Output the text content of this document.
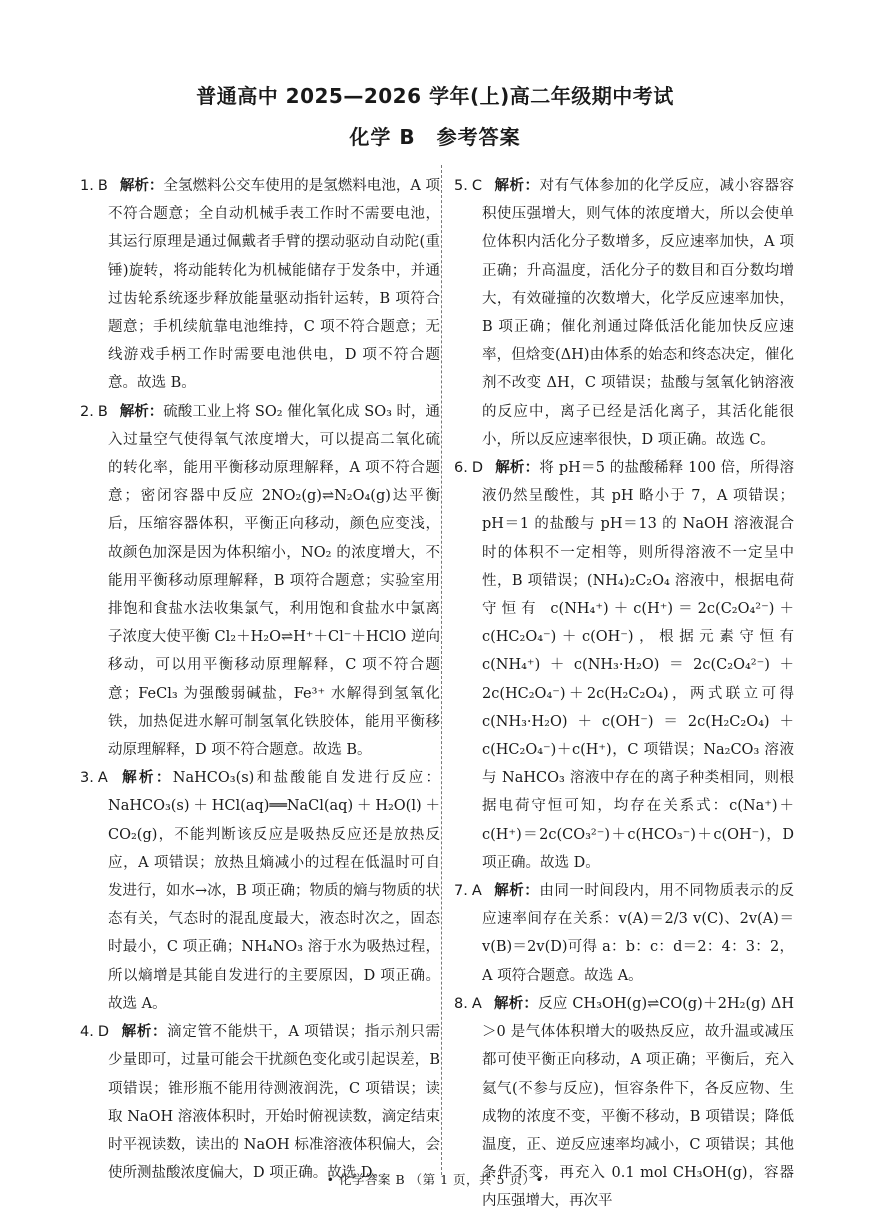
普通高中 2025—2026 学年(上)高二年级期中考试
化学 B　参考答案

1. B 解析：全氢燃料公交车使用的是氢燃料电池，A 项不符合题意；全自动机械手表工作时不需要电池，其运行原理是通过佩戴者手臂的摆动驱动自动陀(重锤)旋转，将动能转化为机械能储存于发条中，并通过齿轮系统逐步释放能量驱动指针运转，B 项符合题意；手机续航靠电池维持，C 项不符合题意；无线游戏手柄工作时需要电池供电，D 项不符合题意。故选 B。

2. B 解析：硫酸工业上将 SO₂ 催化氧化成 SO₃ 时，通入过量空气使得氧气浓度增大，可以提高二氧化硫的转化率，能用平衡移动原理解释，A 项不符合题意；密闭容器中反应 2NO₂(g)⇌N₂O₄(g)达平衡后，压缩容器体积，平衡正向移动，颜色应变浅，故颜色加深是因为体积缩小，NO₂ 的浓度增大，不能用平衡移动原理解释，B 项符合题意；实验室用排饱和食盐水法收集氯气，利用饱和食盐水中氯离子浓度大使平衡 Cl₂＋H₂O⇌H⁺＋Cl⁻＋HClO 逆向移动，可以用平衡移动原理解释，C 项不符合题意；FeCl₃ 为强酸弱碱盐，Fe³⁺ 水解得到氢氧化铁，加热促进水解可制氢氧化铁胶体，能用平衡移动原理解释，D 项不符合题意。故选 B。

3. A 解析：NaHCO₃(s)和盐酸能自发进行反应：NaHCO₃(s)＋HCl(aq)══NaCl(aq)＋H₂O(l)＋CO₂(g)，不能判断该反应是吸热反应还是放热反应，A 项错误；放热且熵减小的过程在低温时可自发进行，如水→冰，B 项正确；物质的熵与物质的状态有关，气态时的混乱度最大，液态时次之，固态时最小，C 项正确；NH₄NO₃ 溶于水为吸热过程，所以熵增是其能自发进行的主要原因，D 项正确。故选 A。

4. D 解析：滴定管不能烘干，A 项错误；指示剂只需少量即可，过量可能会干扰颜色变化或引起误差，B 项错误；锥形瓶不能用待测液润洗，C 项错误；读取 NaOH 溶液体积时，开始时俯视读数，滴定结束时平视读数，读出的 NaOH 标准溶液体积偏大，会使所测盐酸浓度偏大，D 项正确。故选 D。

5. C 解析：对有气体参加的化学反应，减小容器容积使压强增大，则气体的浓度增大，所以会使单位体积内活化分子数增多，反应速率加快，A 项正确；升高温度，活化分子的数目和百分数均增大，有效碰撞的次数增大，化学反应速率加快，B 项正确；催化剂通过降低活化能加快反应速率，但焓变(ΔH)由体系的始态和终态决定，催化剂不改变 ΔH，C 项错误；盐酸与氢氧化钠溶液的反应中，离子已经是活化离子，其活化能很小，所以反应速率很快，D 项正确。故选 C。

6. D 解析：将 pH＝5 的盐酸稀释 100 倍，所得溶液仍然呈酸性，其 pH 略小于 7，A 项错误；pH＝1 的盐酸与 pH＝13 的 NaOH 溶液混合时的体积不一定相等，则所得溶液不一定呈中性，B 项错误；(NH₄)₂C₂O₄ 溶液中，根据电荷守恒有 c(NH₄⁺)＋c(H⁺)＝2c(C₂O₄²⁻)＋c(HC₂O₄⁻)＋c(OH⁻)，根据元素守恒有 c(NH₄⁺)＋c(NH₃·H₂O)＝2c(C₂O₄²⁻)＋2c(HC₂O₄⁻)＋2c(H₂C₂O₄)，两式联立可得 c(NH₃·H₂O)＋c(OH⁻)＝2c(H₂C₂O₄)＋c(HC₂O₄⁻)＋c(H⁺)，C 项错误；Na₂CO₃ 溶液与 NaHCO₃ 溶液中存在的离子种类相同，则根据电荷守恒可知，均存在关系式：c(Na⁺)＋c(H⁺)＝2c(CO₃²⁻)＋c(HCO₃⁻)＋c(OH⁻)，D 项正确。故选 D。

7. A 解析：由同一时间段内，用不同物质表示的反应速率间存在关系：v(A)＝2/3 v(C)、2v(A)＝v(B)＝2v(D)可得 a：b：c：d＝2：4：3：2，A 项符合题意。故选 A。

8. A 解析：反应 CH₃OH(g)⇌CO(g)＋2H₂(g) ΔH＞0 是气体体积增大的吸热反应，故升温或减压都可使平衡正向移动，A 项正确；平衡后，充入氦气(不参与反应)，恒容条件下，各反应物、生成物的浓度不变，平衡不移动，B 项错误；降低温度，正、逆反应速率均减小，C 项错误；其他条件不变，再充入 0.1 mol CH₃OH(g)，容器内压强增大，再次平

• 化学答案 B （第 1 页，共 5 页）•
